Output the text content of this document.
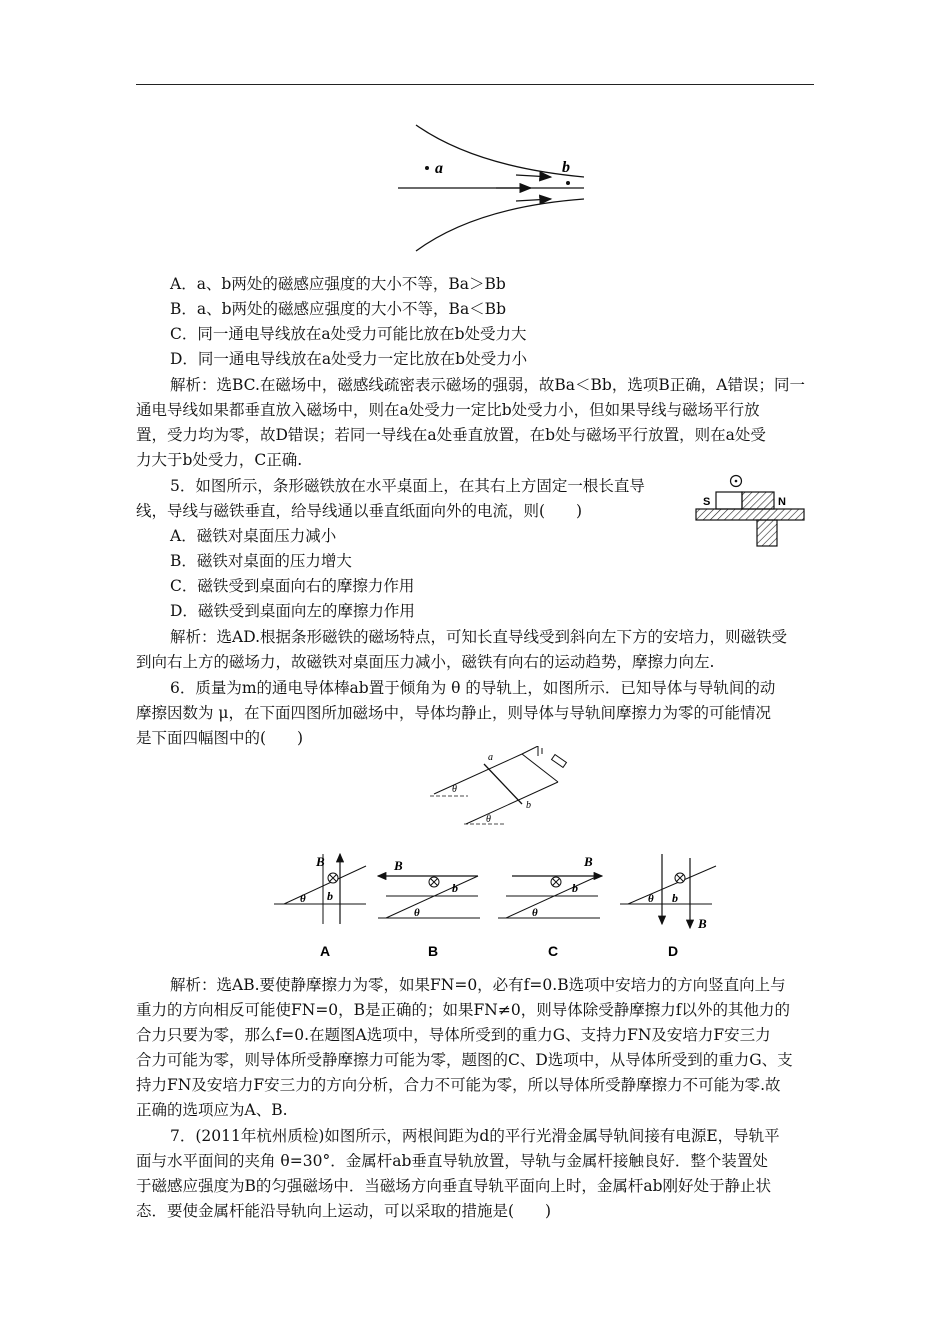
a	b
A．a、b两处的磁感应强度的大小不等，Ba＞Bb
B．a、b两处的磁感应强度的大小不等，Ba＜Bb
C．同一通电导线放在a处受力可能比放在b处受力大
D．同一通电导线放在a处受力一定比放在b处受力小
解析：选BC.在磁场中，磁感线疏密表示磁场的强弱，故Ba＜Bb，选项B正确，A错误；同一
通电导线如果都垂直放入磁场中，则在a处受力一定比b处受力小，但如果导线与磁场平行放
置，受力均为零，故D错误；若同一导线在a处垂直放置，在b处与磁场平行放置，则在a处受
力大于b处受力，C正确.
5．如图所示，条形磁铁放在水平桌面上，在其右上方固定一根长直导
线，导线与磁铁垂直，给导线通以垂直纸面向外的电流，则(　　)
A．磁铁对桌面压力减小
B．磁铁对桌面的压力增大
C．磁铁受到桌面向右的摩擦力作用
D．磁铁受到桌面向左的摩擦力作用
S	N
解析：选AD.根据条形磁铁的磁场特点，可知长直导线受到斜向左下方的安培力，则磁铁受
到向右上方的磁场力，故磁铁对桌面压力减小，磁铁有向右的运动趋势，摩擦力向左.
6．质量为m的通电导体棒ab置于倾角为 θ 的导轨上，如图所示．已知导体与导轨间的动
摩擦因数为 μ，在下面四图所加磁场中，导体均静止，则导体与导轨间摩擦力为零的可能情况
是下面四幅图中的(　　)
a
b
θ
θ
B
b
θ
A
B
b
θ
B
B
b
θ
C
B
b
θ
D
解析：选AB.要使静摩擦力为零，如果FN=0，必有f=0.B选项中安培力的方向竖直向上与
重力的方向相反可能使FN=0，B是正确的；如果FN≠0，则导体除受静摩擦力f以外的其他力的
合力只要为零，那么f=0.在题图A选项中，导体所受到的重力G、支持力FN及安培力F安三力
合力可能为零，则导体所受静摩擦力可能为零，题图的C、D选项中，从导体所受到的重力G、支
持力FN及安培力F安三力的方向分析，合力不可能为零，所以导体所受静摩擦力不可能为零.故
正确的选项应为A、B.
7．(2011年杭州质检)如图所示，两根间距为d的平行光滑金属导轨间接有电源E，导轨平
面与水平面间的夹角 θ=30°．金属杆ab垂直导轨放置，导轨与金属杆接触良好．整个装置处
于磁感应强度为B的匀强磁场中．当磁场方向垂直导轨平面向上时，金属杆ab刚好处于静止状
态．要使金属杆能沿导轨向上运动，可以采取的措施是(　　)
